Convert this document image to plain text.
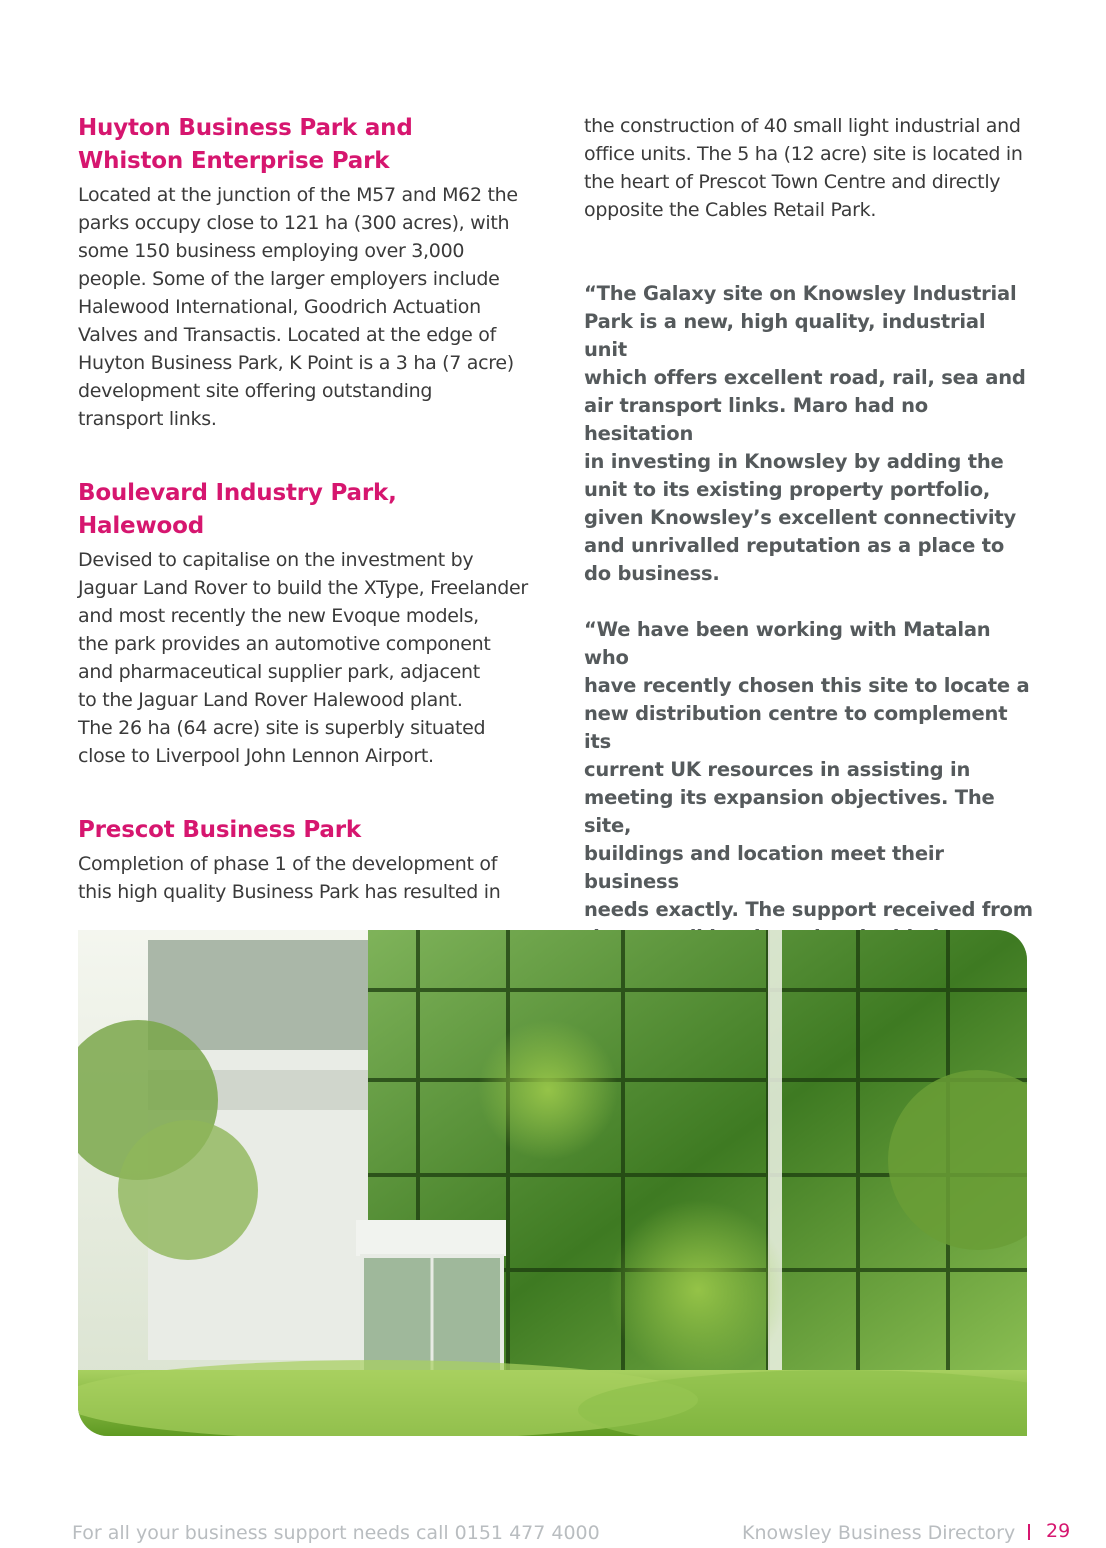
Huyton Business Park and
Whiston Enterprise Park
Located at the junction of the M57 and M62 the
parks occupy close to 121 ha (300 acres), with
some 150 business employing over 3,000
people. Some of the larger employers include
Halewood International, Goodrich Actuation
Valves and Transactis. Located at the edge of
Huyton Business Park, K Point is a 3 ha (7 acre)
development site offering outstanding
transport links.
Boulevard Industry Park, Halewood
Devised to capitalise on the investment by
Jaguar Land Rover to build the XType, Freelander
and most recently the new Evoque models,
the park provides an automotive component
and pharmaceutical supplier park, adjacent
to the Jaguar Land Rover Halewood plant.
The 26 ha (64 acre) site is superbly situated
close to Liverpool John Lennon Airport.
Prescot Business Park
Completion of phase 1 of the development of
this high quality Business Park has resulted in
the construction of 40 small light industrial and
office units. The 5 ha (12 acre) site is located in
the heart of Prescot Town Centre and directly
opposite the Cables Retail Park.
“The Galaxy site on Knowsley Industrial
Park is a new, high quality, industrial unit
which offers excellent road, rail, sea and
air transport links. Maro had no hesitation
in investing in Knowsley by adding the
unit to its existing property portfolio,
given Knowsley’s excellent connectivity
and unrivalled reputation as a place to
do business.
“We have been working with Matalan who
have recently chosen this site to locate a
new distribution centre to complement its
current UK resources in assisting in
meeting its expansion objectives. The site,
buildings and location meet their business
needs exactly. The support received from
For all your business support needs call 0151 477 4000	Knowsley Business Directory 29
